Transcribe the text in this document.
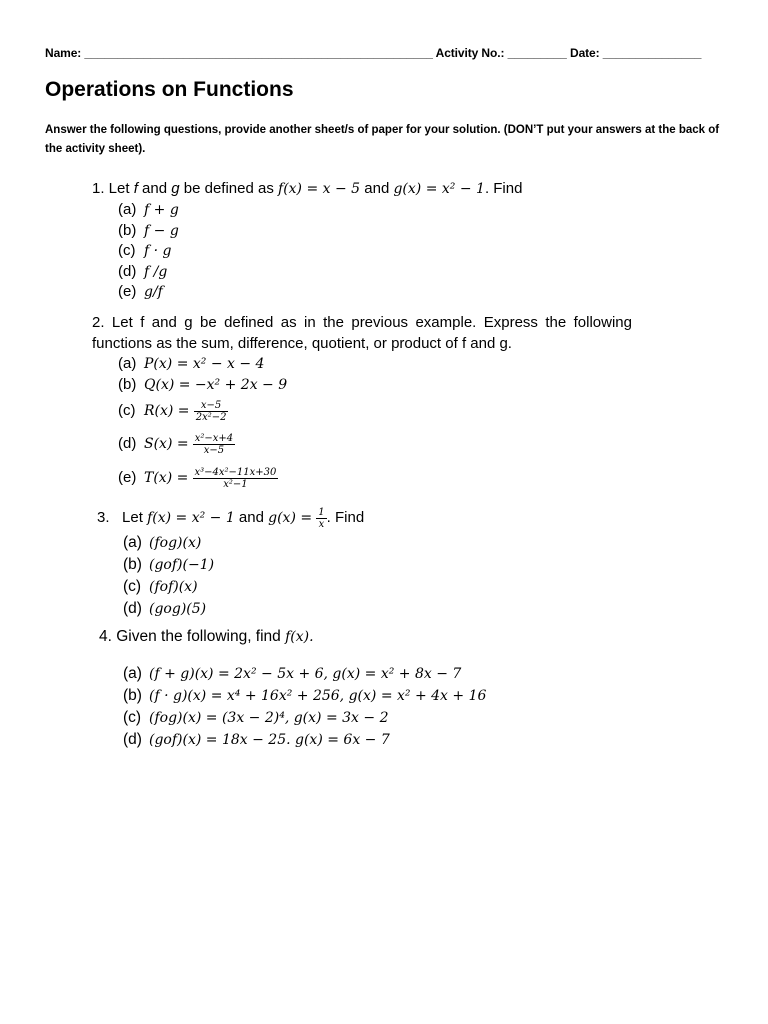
Name: _____________________________________________________ Activity No.: _________ Date: _______________
Operations on Functions
Answer the following questions, provide another sheet/s of paper for your solution. (DON’T put your answers at the back of the activity sheet).
1. Let f and g be defined as f(x) = x − 5 and g(x) = x² − 1. Find
(a) f + g
(b) f − g
(c) f · g
(d) f /g
(e) g/f
2. Let f and g be defined as in the previous example. Express the following functions as the sum, difference, quotient, or product of f and g.
(a) P(x) = x² − x − 4
(b) Q(x) = −x² + 2x − 9
(c) $R(x) = \frac{x-5}{\text{2x²−2}}$
(d) $S(x) = \frac{\text{x²−x+4}}{x-5}$
(e) $T(x) = \frac{\text{x³−4x²−11x+30}}{\text{x²−1}}$
3. Let f(x) = x² − 1 and $g(x) = \frac{1}{x}$ . Find
(a) (fog)(x)
(b) (gof)(−1)
(c) (fof)(x)
(d) (gog)(5)
4. Given the following, find f(x).
(a) (f + g)(x) = 2x² − 5x + 6, g(x) = x² + 8x − 7
(b) (f · g)(x) = x⁴ + 16x² + 256, g(x) = x² + 4x + 16
(c) (fog)(x) = (3x − 2)⁴, g(x) = 3x − 2
(d) (gof)(x) = 18x − 25. g(x) = 6x − 7
